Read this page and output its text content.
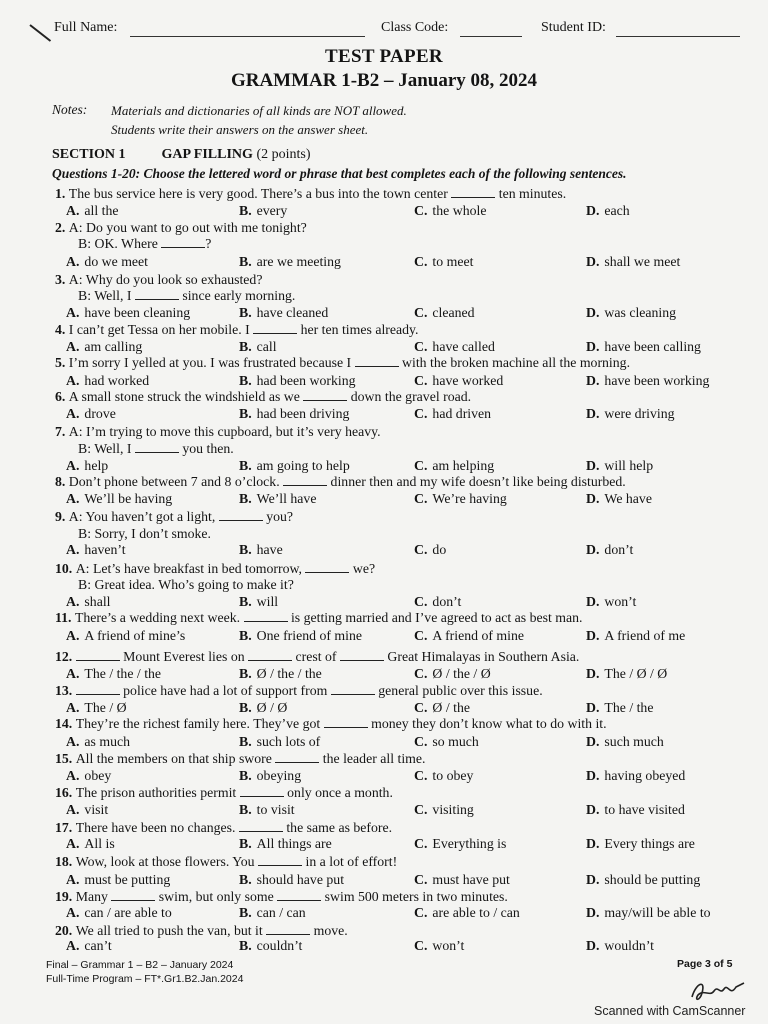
Full Name:	Class Code:	Student ID:
TEST PAPER
GRAMMAR 1-B2 – January 08, 2024
Notes: Materials and dictionaries of all kinds are NOT allowed.
Students write their answers on the answer sheet.
SECTION 1	GAP FILLING (2 points)
Questions 1-20: Choose the lettered word or phrase that best completes each of the following sentences.
1. The bus service here is very good. There’s a bus into the town center	ten minutes.
A. all the	B. every	C. the whole	D. each
2. A: Do you want to go out with me tonight?
B: OK. Where	?
A. do we meet	B. are we meeting	C. to meet	D. shall we meet
3. A: Why do you look so exhausted?
B: Well, I	since early morning.
A. have been cleaning	B. have cleaned	C. cleaned	D. was cleaning
4. I can’t get Tessa on her mobile. I	her ten times already.
A. am calling	B. call	C. have called	D. have been calling
5. I’m sorry I yelled at you. I was frustrated because I	with the broken machine all the morning.
A. had worked	B. had been working	C. have worked	D. have been working
6. A small stone struck the windshield as we	down the gravel road.
A. drove	B. had been driving	C. had driven	D. were driving
7. A: I’m trying to move this cupboard, but it’s very heavy.
B: Well, I	you then.
A. help	B. am going to help	C. am helping	D. will help
8. Don’t phone between 7 and 8 o’clock.	dinner then and my wife doesn’t like being disturbed.
A. We’ll be having	B. We’ll have	C. We’re having	D. We have
9. A: You haven’t got a light,	you?
B: Sorry, I don’t smoke.
A. haven’t	B. have	C. do	D. don’t
10. A: Let’s have breakfast in bed tomorrow,	we?
B: Great idea. Who’s going to make it?
A. shall	B. will	C. don’t	D. won’t
11. There’s a wedding next week.	is getting married and I’ve agreed to act as best man.
A. A friend of mine’s	B. One friend of mine	C. A friend of mine	D. A friend of me
12.	Mount Everest lies on	crest of	Great Himalayas in Southern Asia.
A. The / the / the	B. Ø / the / the	C. Ø / the / Ø	D. The / Ø / Ø
13.	police have had a lot of support from	general public over this issue.
A. The / Ø	B. Ø / Ø	C. Ø / the	D. The / the
14. They’re the richest family here. They’ve got	money they don’t know what to do with it.
A. as much	B. such lots of	C. so much	D. such much
15. All the members on that ship swore	the leader all time.
A. obey	B. obeying	C. to obey	D. having obeyed
16. The prison authorities permit	only once a month.
A. visit	B. to visit	C. visiting	D. to have visited
17. There have been no changes.	the same as before.
A. All is	B. All things are	C. Everything is	D. Every things are
18. Wow, look at those flowers. You	in a lot of effort!
A. must be putting	B. should have put	C. must have put	D. should be putting
19. Many	swim, but only some	swim 500 meters in two minutes.
A. can / are able to	B. can / can	C. are able to / can	D. may/will be able to
20. We all tried to push the van, but it	move.
A. can’t	B. couldn’t	C. won’t	D. wouldn’t
Final – Grammar 1 – B2 – January 2024
Full-Time Program – FT*.Gr1.B2.Jan.2024
Page 3 of 5
Scanned with CamScanner
